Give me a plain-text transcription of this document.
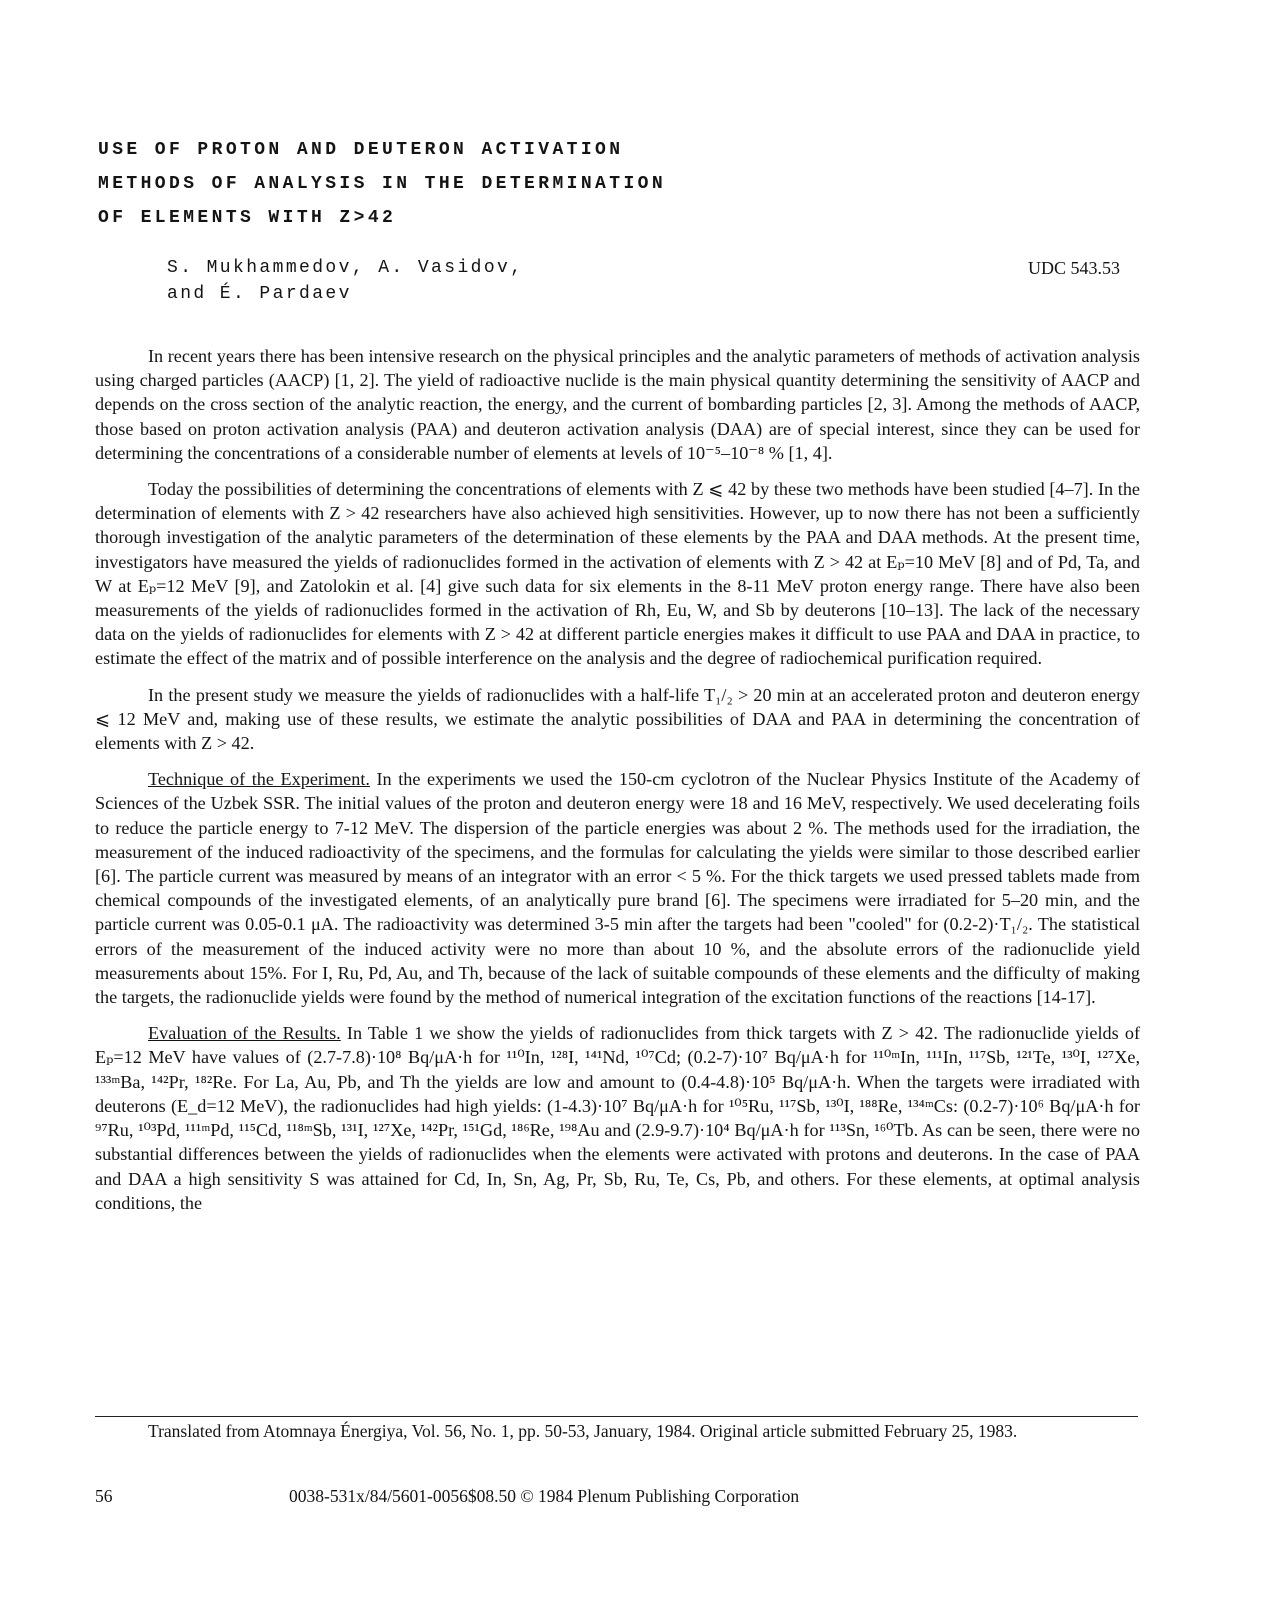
USE OF PROTON AND DEUTERON ACTIVATION
METHODS OF ANALYSIS IN THE DETERMINATION
OF ELEMENTS WITH Z>42
S. Mukhammedov, A. Vasidov,
and É. Pardaev
UDC 543.53

In recent years there has been intensive research on the physical principles and the analytic parameters of methods of activation analysis using charged particles (AACP) [1, 2]. The yield of radioactive nuclide is the main physical quantity determining the sensitivity of AACP and depends on the cross section of the analytic reaction, the energy, and the current of bombarding particles [2, 3]. Among the methods of AACP, those based on proton activation analysis (PAA) and deuteron activation analysis (DAA) are of special interest, since they can be used for determining the concentrations of a considerable number of elements at levels of 10⁻⁵–10⁻⁸ % [1, 4].

Today the possibilities of determining the concentrations of elements with Z ⩽ 42 by these two methods have been studied [4–7]. In the determination of elements with Z > 42 researchers have also achieved high sensitivities. However, up to now there has not been a sufficiently thorough investigation of the analytic parameters of the determination of these elements by the PAA and DAA methods. At the present time, investigators have measured the yields of radionuclides formed in the activation of elements with Z > 42 at Eₚ=10 MeV [8] and of Pd, Ta, and W at Eₚ=12 MeV [9], and Zatolokin et al. [4] give such data for six elements in the 8-11 MeV proton energy range. There have also been measurements of the yields of radionuclides formed in the activation of Rh, Eu, W, and Sb by deuterons [10–13]. The lack of the necessary data on the yields of radionuclides for elements with Z > 42 at different particle energies makes it difficult to use PAA and DAA in practice, to estimate the effect of the matrix and of possible interference on the analysis and the degree of radiochemical purification required.

In the present study we measure the yields of radionuclides with a half-life T₁/₂ > 20 min at an accelerated proton and deuteron energy ⩽ 12 MeV and, making use of these results, we estimate the analytic possibilities of DAA and PAA in determining the concentration of elements with Z > 42.

Technique of the Experiment. In the experiments we used the 150-cm cyclotron of the Nuclear Physics Institute of the Academy of Sciences of the Uzbek SSR. The initial values of the proton and deuteron energy were 18 and 16 MeV, respectively. We used decelerating foils to reduce the particle energy to 7-12 MeV. The dispersion of the particle energies was about 2 %. The methods used for the irradiation, the measurement of the induced radioactivity of the specimens, and the formulas for calculating the yields were similar to those described earlier [6]. The particle current was measured by means of an integrator with an error < 5 %. For the thick targets we used pressed tablets made from chemical compounds of the investigated elements, of an analytically pure brand [6]. The specimens were irradiated for 5–20 min, and the particle current was 0.05-0.1 μA. The radioactivity was determined 3-5 min after the targets had been "cooled" for (0.2-2)·T₁/₂. The statistical errors of the measurement of the induced activity were no more than about 10 %, and the absolute errors of the radionuclide yield measurements about 15%. For I, Ru, Pd, Au, and Th, because of the lack of suitable compounds of these elements and the difficulty of making the targets, the radionuclide yields were found by the method of numerical integration of the excitation functions of the reactions [14-17].

Evaluation of the Results. In Table 1 we show the yields of radionuclides from thick targets with Z > 42. The radionuclide yields of Eₚ=12 MeV have values of (2.7-7.8)·10⁸ Bq/μA·h for ¹¹⁰In, ¹²⁸I, ¹⁴¹Nd, ¹⁰⁷Cd; (0.2-7)·10⁷ Bq/μA·h for ¹¹⁰ᵐIn, ¹¹¹In, ¹¹⁷Sb, ¹²¹Te, ¹³⁰I, ¹²⁷Xe, ¹³³ᵐBa, ¹⁴²Pr, ¹⁸²Re. For La, Au, Pb, and Th the yields are low and amount to (0.4-4.8)·10⁵ Bq/μA·h. When the targets were irradiated with deuterons (E_d=12 MeV), the radionuclides had high yields: (1-4.3)·10⁷ Bq/μA·h for ¹⁰⁵Ru, ¹¹⁷Sb, ¹³⁰I, ¹⁸⁸Re, ¹³⁴ᵐCs: (0.2-7)·10⁶ Bq/μA·h for ⁹⁷Ru, ¹⁰³Pd, ¹¹¹ᵐPd, ¹¹⁵Cd, ¹¹⁸ᵐSb, ¹³¹I, ¹²⁷Xe, ¹⁴²Pr, ¹⁵¹Gd, ¹⁸⁶Re, ¹⁹⁸Au and (2.9-9.7)·10⁴ Bq/μA·h for ¹¹³Sn, ¹⁶⁰Tb. As can be seen, there were no substantial differences between the yields of radionuclides when the elements were activated with protons and deuterons. In the case of PAA and DAA a high sensitivity S was attained for Cd, In, Sn, Ag, Pr, Sb, Ru, Te, Cs, Pb, and others. For these elements, at optimal analysis conditions, the

Translated from Atomnaya Énergiya, Vol. 56, No. 1, pp. 50-53, January, 1984. Original article submitted February 25, 1983.
56	0038-531x/84/5601-0056$08.50 © 1984 Plenum Publishing Corporation
